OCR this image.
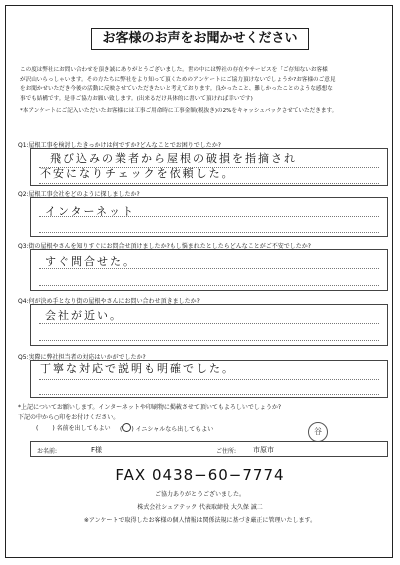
お客様のお声をお聞かせください

この度は弊社にお問い合わせを頂き誠にありがとうございました。世の中には弊社の存在やサービスを「ご存知ないお客様

が沢山いらっしゃいます。その方たちに弊社をより知って頂くためのアンケートにご協力頂けないでしょうか?お客様のご意見

をお聞かせいただき今後の活動に反映させていただきたいと考えております。良かったこと、難しかったことのような感想な

事でも結構です。是非ご協力お願い致します。(出来るだけ具体的に書いて頂ければ幸いです)

*本アンケートにご記入いただいたお客様には工事ご用命時に工事金額(税抜き)の2%をキャッシュバックさせていただきます。

Q1:屋根工事を検討したきっかけは何ですか?どんなことでお困りでしたか?
飛び込みの業者から屋根の破損を指摘され
不安になりチェックを依頼した。
Q2:屋根工事会社をどのように探しましたか?
インターネット
Q3:街の屋根やさんを知りすぐにお問合せ頂けましたか?もし悩まれたとしたらどんなことがご不安でしたか?
すぐ問合せた。
Q4:何が決め手となり街の屋根やさんにお問い合わせ頂きましたか?
会社が近い。
Q5:実際に弊社担当者の対応はいかがでしたか?
丁寧な対応で説明も明確でした。
*上記についてお願いします。インターネットや印刷物に掲載させて頂いてもよろしいでしょうか?
下記の中から○印をお付けください。
( ) 名前を出してもよい ( ) イニシャルなら出してもよい	谷
お名前:	F様	ご住所: 市原市
FAX 0438−60−7774
ご協力ありがとうございました。
株式会社シェアテック 代表取締役 大久保 誠二
※アンケートで取得したお客様の個人情報は関係法規に基づき厳正に管理いたします。
